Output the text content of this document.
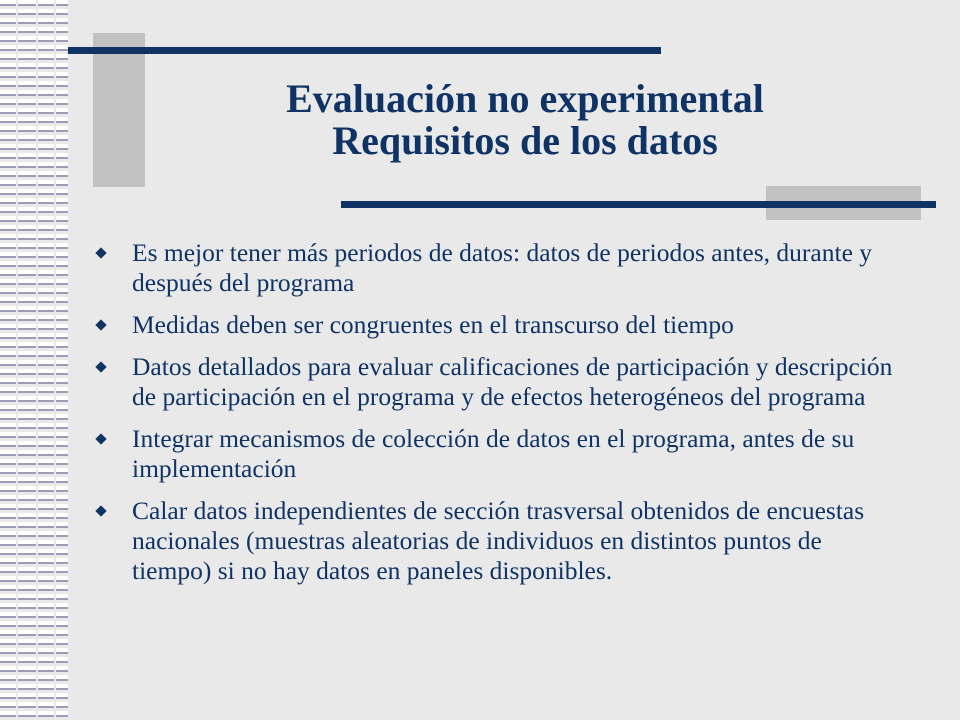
Evaluación no experimental
Requisitos de los datos
Es mejor tener más periodos de datos: datos de periodos antes, durante y después del programa
Medidas deben ser congruentes en el transcurso del tiempo
Datos detallados para evaluar calificaciones de participación y descripción de participación en el programa y de efectos heterogéneos del programa
Integrar mecanismos de colección de datos en el programa, antes de su implementación
Calar datos independientes de sección trasversal obtenidos de encuestas nacionales (muestras aleatorias de individuos en distintos puntos de tiempo) si no hay datos en paneles disponibles.
